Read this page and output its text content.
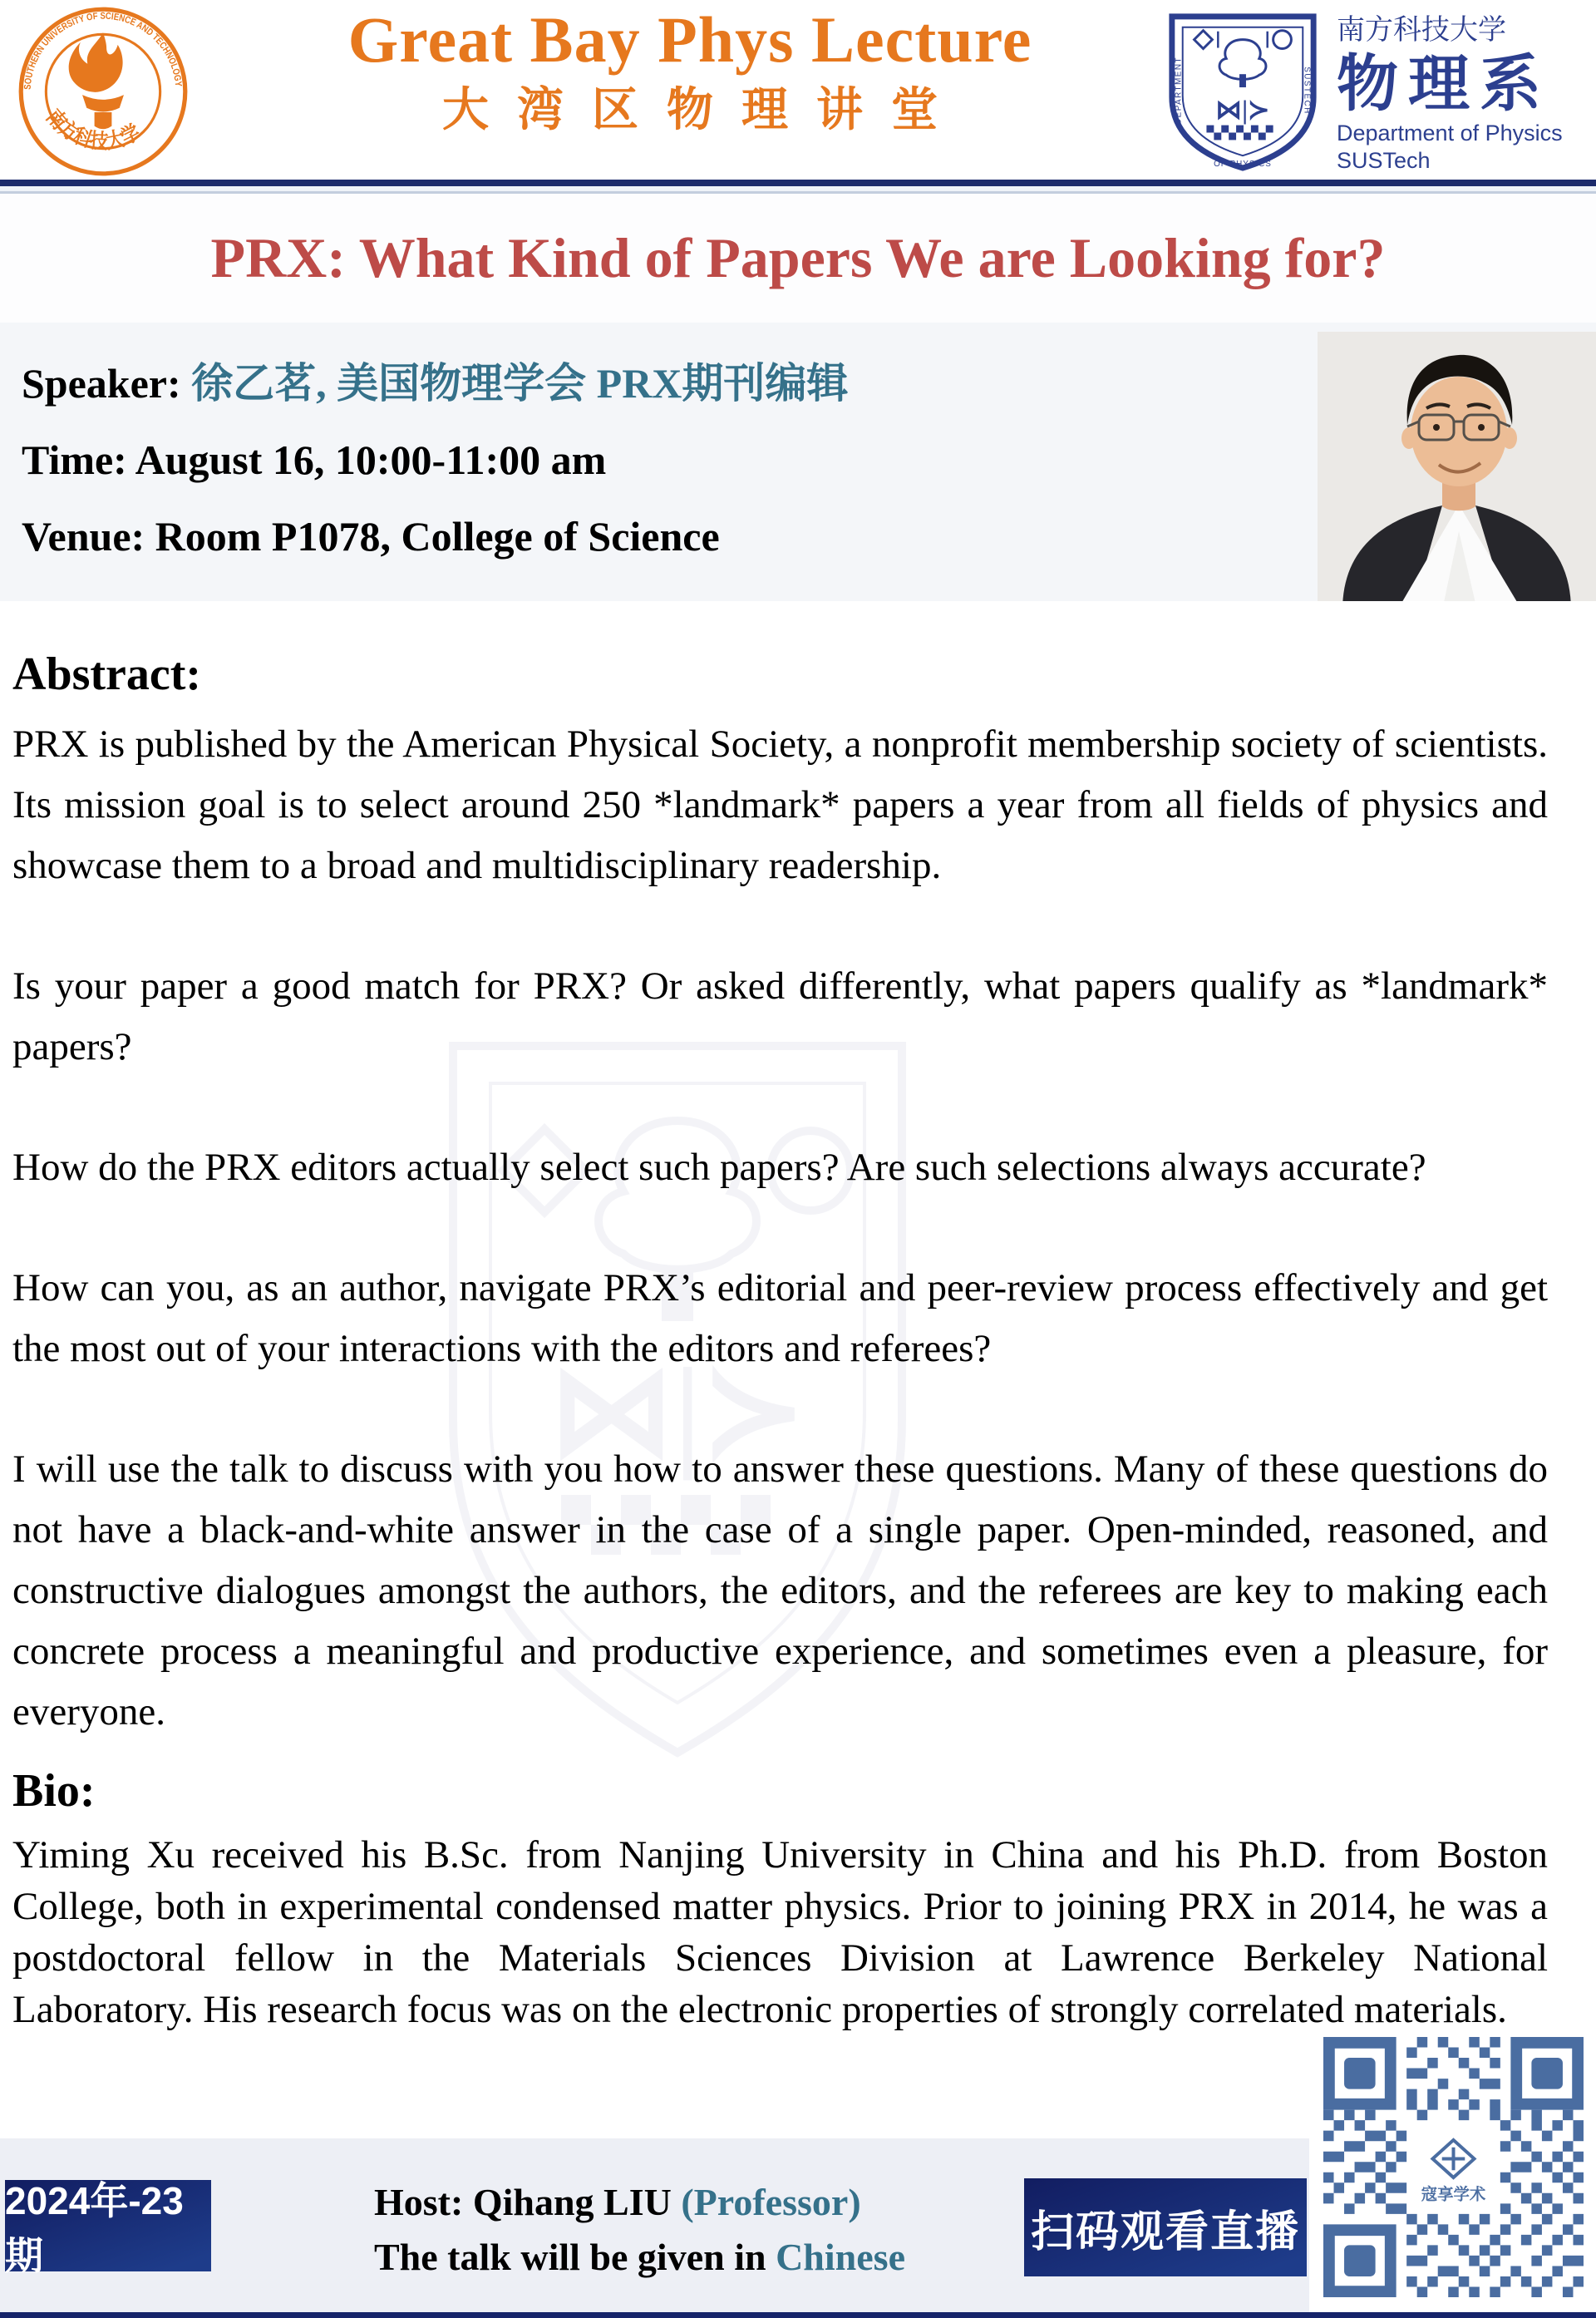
SOUTHERN UNIVERSITY OF SCIENCE AND TECHNOLOGY
南方科技大学
Great Bay Phys Lecture
大湾区物理讲堂	⋈|≻
DEPARTMENT	SUSTECH
OF PHYSICS
南方科技大学
物理系
Department of Physics
SUSTech
PRX: What Kind of Papers We are Looking for?
Speaker: 徐乙茗, 美国物理学会 PRX期刊编辑
Time: August 16, 10:00-11:00 am
Venue: Room P1078, College of Science
⋈|≻
Abstract:

PRX is published by the American Physical Society, a nonprofit membership society of scientists. Its mission goal is to select around 250 *landmark* papers a year from all fields of physics and showcase them to a broad and multidisciplinary readership.

Is your paper a good match for PRX? Or asked differently, what papers qualify as *landmark* papers?

How do the PRX editors actually select such papers? Are such selections always accurate?

How can you, as an author, navigate PRX’s editorial and peer-review process effectively and get the most out of your interactions with the editors and referees?

I will use the talk to discuss with you how to answer these questions. Many of these questions do not have a black-and-white answer in the case of a single paper. Open-minded, reasoned, and constructive dialogues amongst the authors, the editors, and the referees are key to making each concrete process a meaningful and productive experience, and sometimes even a pleasure, for everyone.

Bio:

Yiming Xu received his B.Sc. from Nanjing University in China and his Ph.D. from Boston College, both in experimental condensed matter physics. Prior to joining PRX in 2014, he was a postdoctoral fellow in the Materials Sciences Division at Lawrence Berkeley National Laboratory. His research focus was on the electronic properties of strongly correlated materials.

2024年-23期
Host: Qihang LIU (Professor)
The talk will be given in Chinese
扫码观看直播
寇享学术
